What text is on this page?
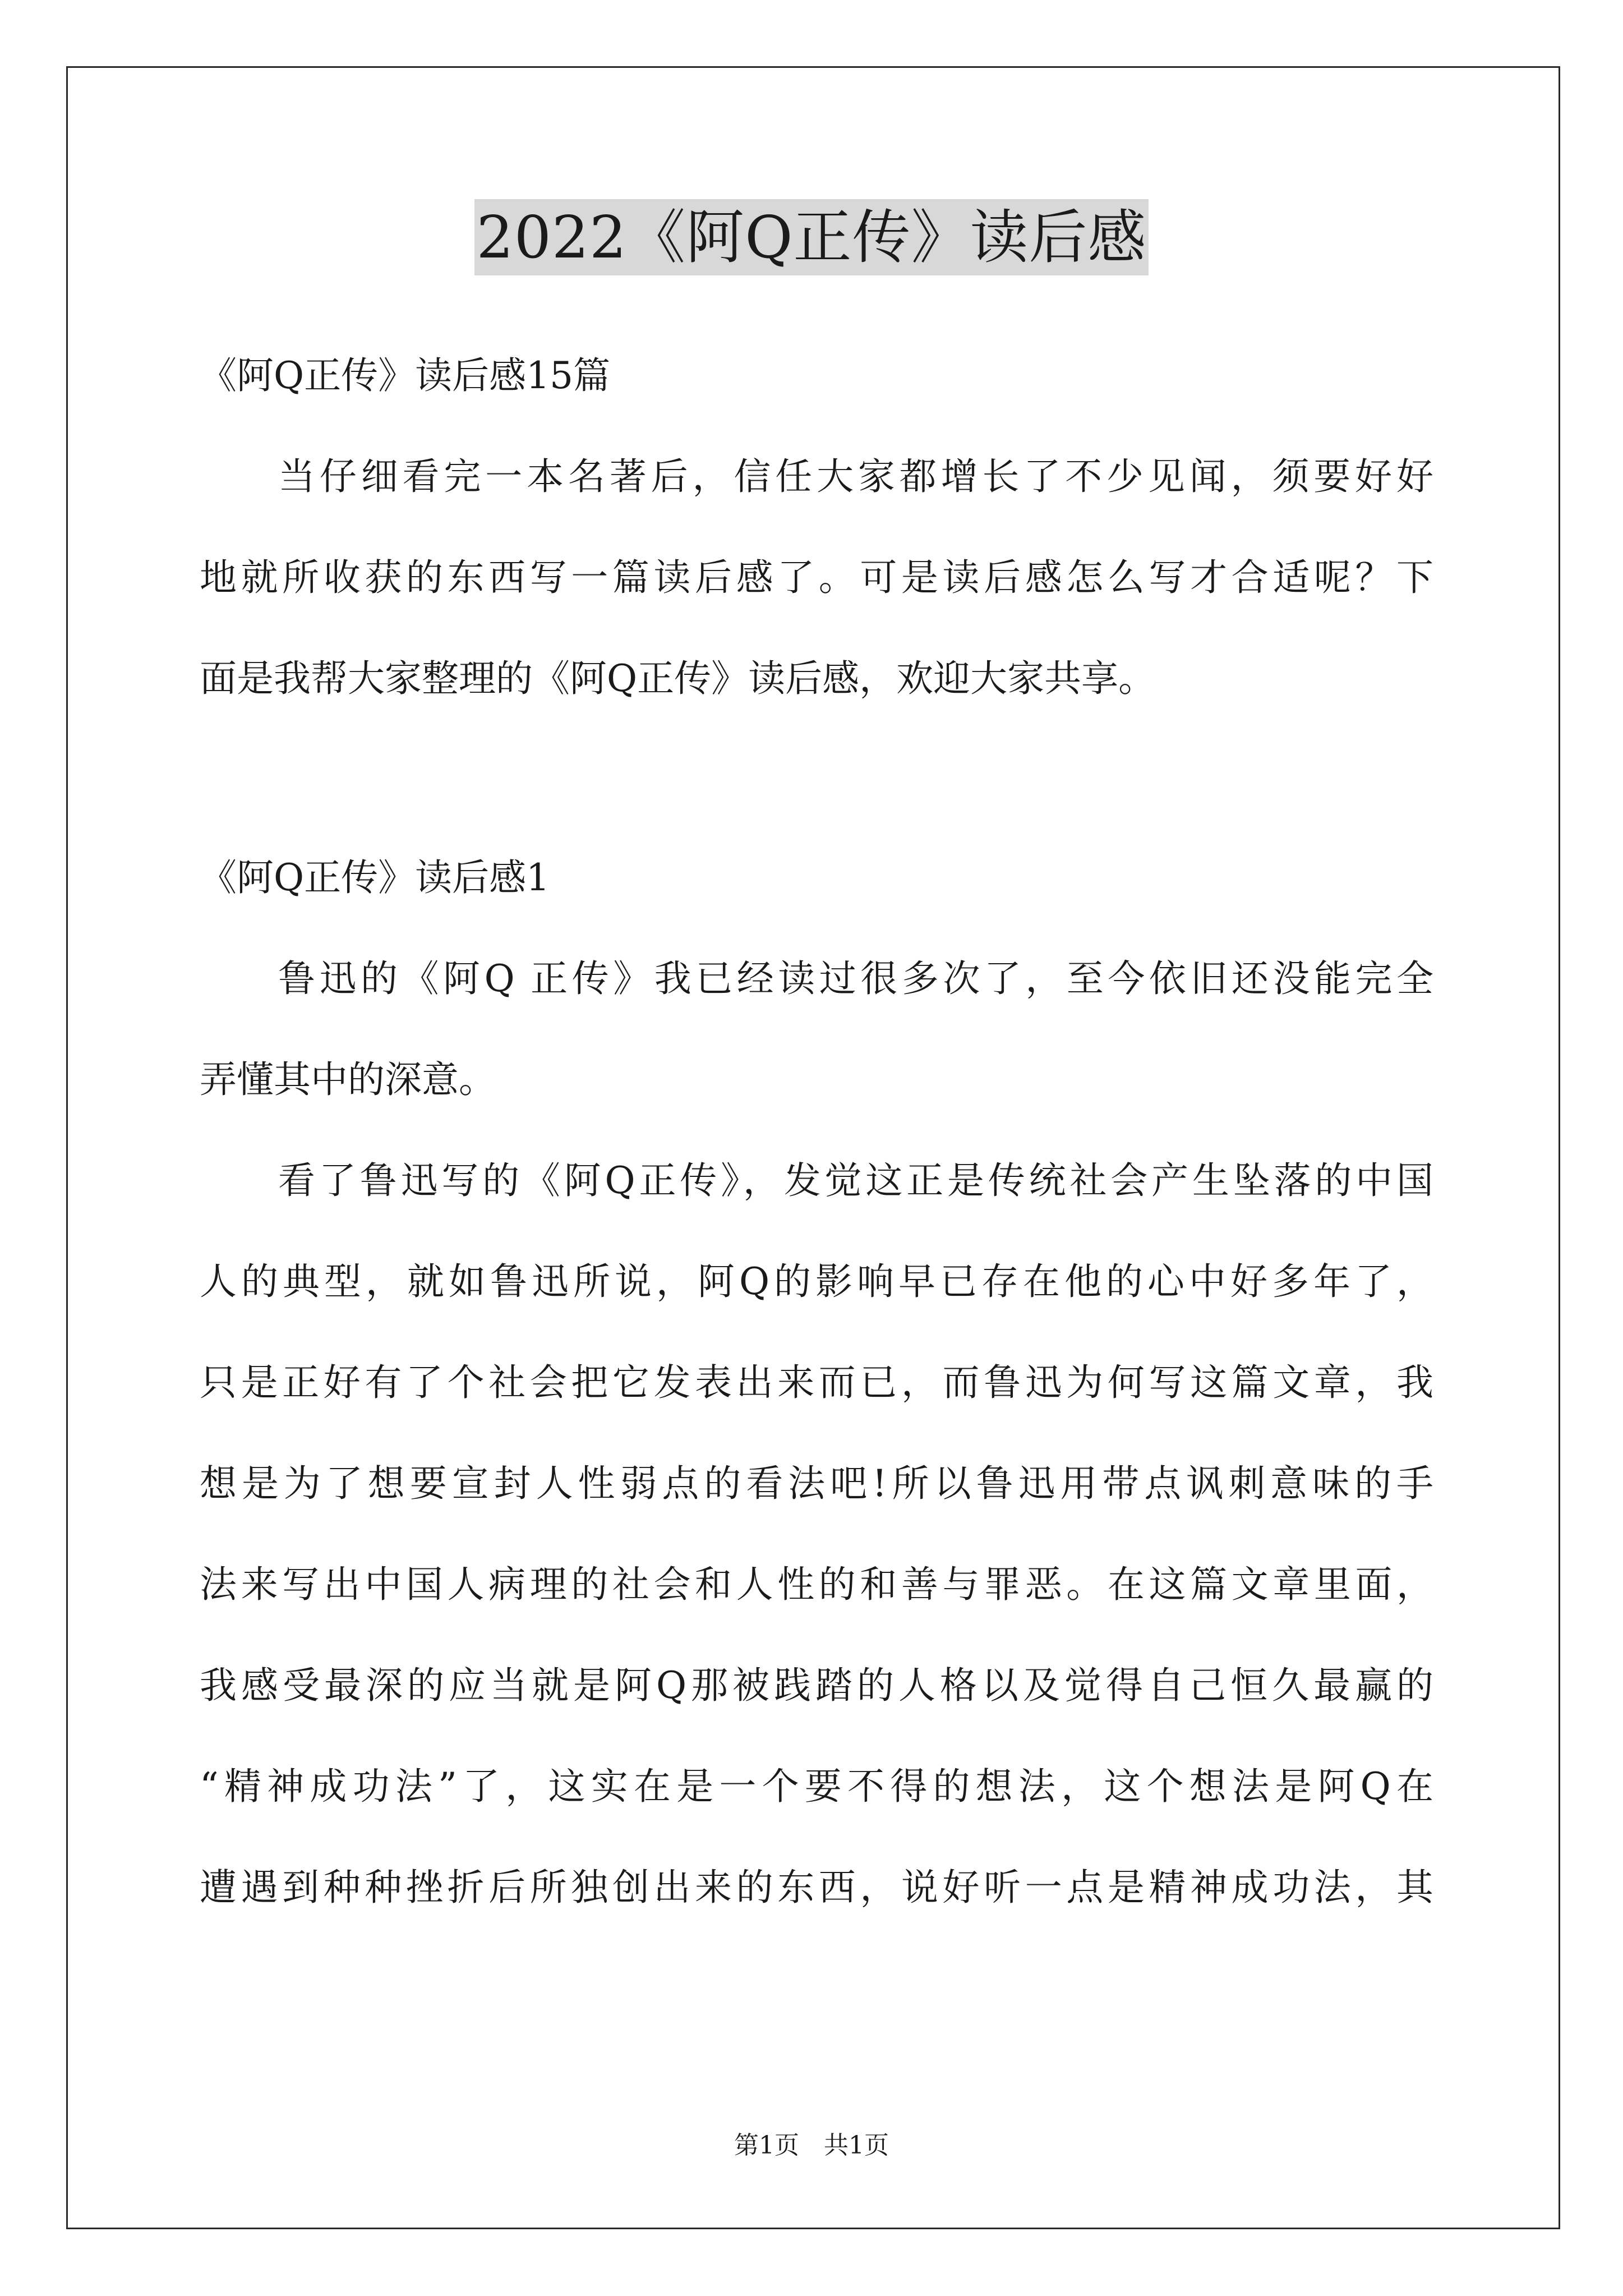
2022《阿Q正传》读后感

《阿Q正传》读后感15篇

当仔细看完一本名著后，信任大家都增长了不少见闻，须要好好
地就所收获的东西写一篇读后感了。可是读后感怎么写才合适呢？下
面是我帮大家整理的《阿Q正传》读后感，欢迎大家共享。

《阿Q正传》读后感1

鲁迅的《阿Q 正传》我已经读过很多次了，至今依旧还没能完全
弄懂其中的深意。
看了鲁迅写的《阿Q正传》，发觉这正是传统社会产生坠落的中国
人的典型，就如鲁迅所说，阿Q的影响早已存在他的心中好多年了，
只是正好有了个社会把它发表出来而已，而鲁迅为何写这篇文章，我
想是为了想要宣封人性弱点的看法吧!所以鲁迅用带点讽刺意味的手
法来写出中国人病理的社会和人性的和善与罪恶。在这篇文章里面，
我感受最深的应当就是阿Q那被践踏的人格以及觉得自己恒久最赢的
“精神成功法”了，这实在是一个要不得的想法，这个想法是阿Q在
遭遇到种种挫折后所独创出来的东西，说好听一点是精神成功法，其
第1页　共1页
